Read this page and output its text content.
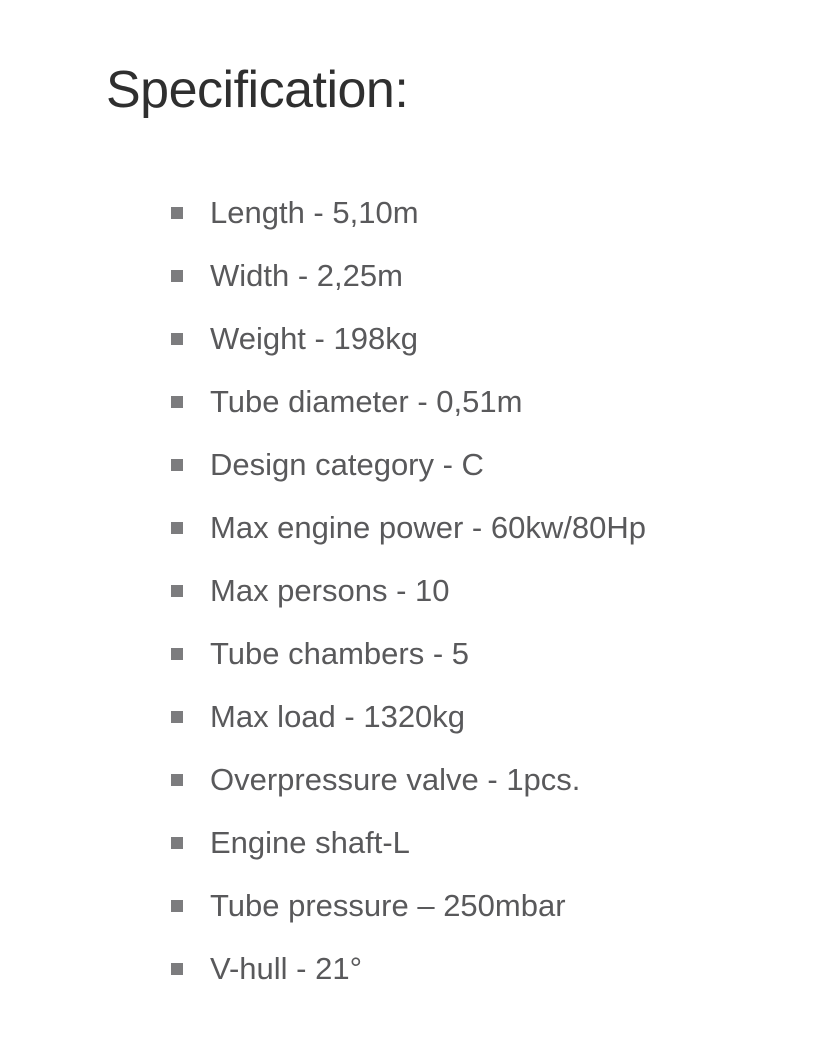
Specification:
Length - 5,10m
Width - 2,25m
Weight - 198kg
Tube diameter - 0,51m
Design category - C
Max engine power - 60kw/80Hp
Max persons - 10
Tube chambers - 5
Max load - 1320kg
Overpressure valve - 1pcs.
Engine shaft-L
Tube pressure – 250mbar
V-hull - 21°
